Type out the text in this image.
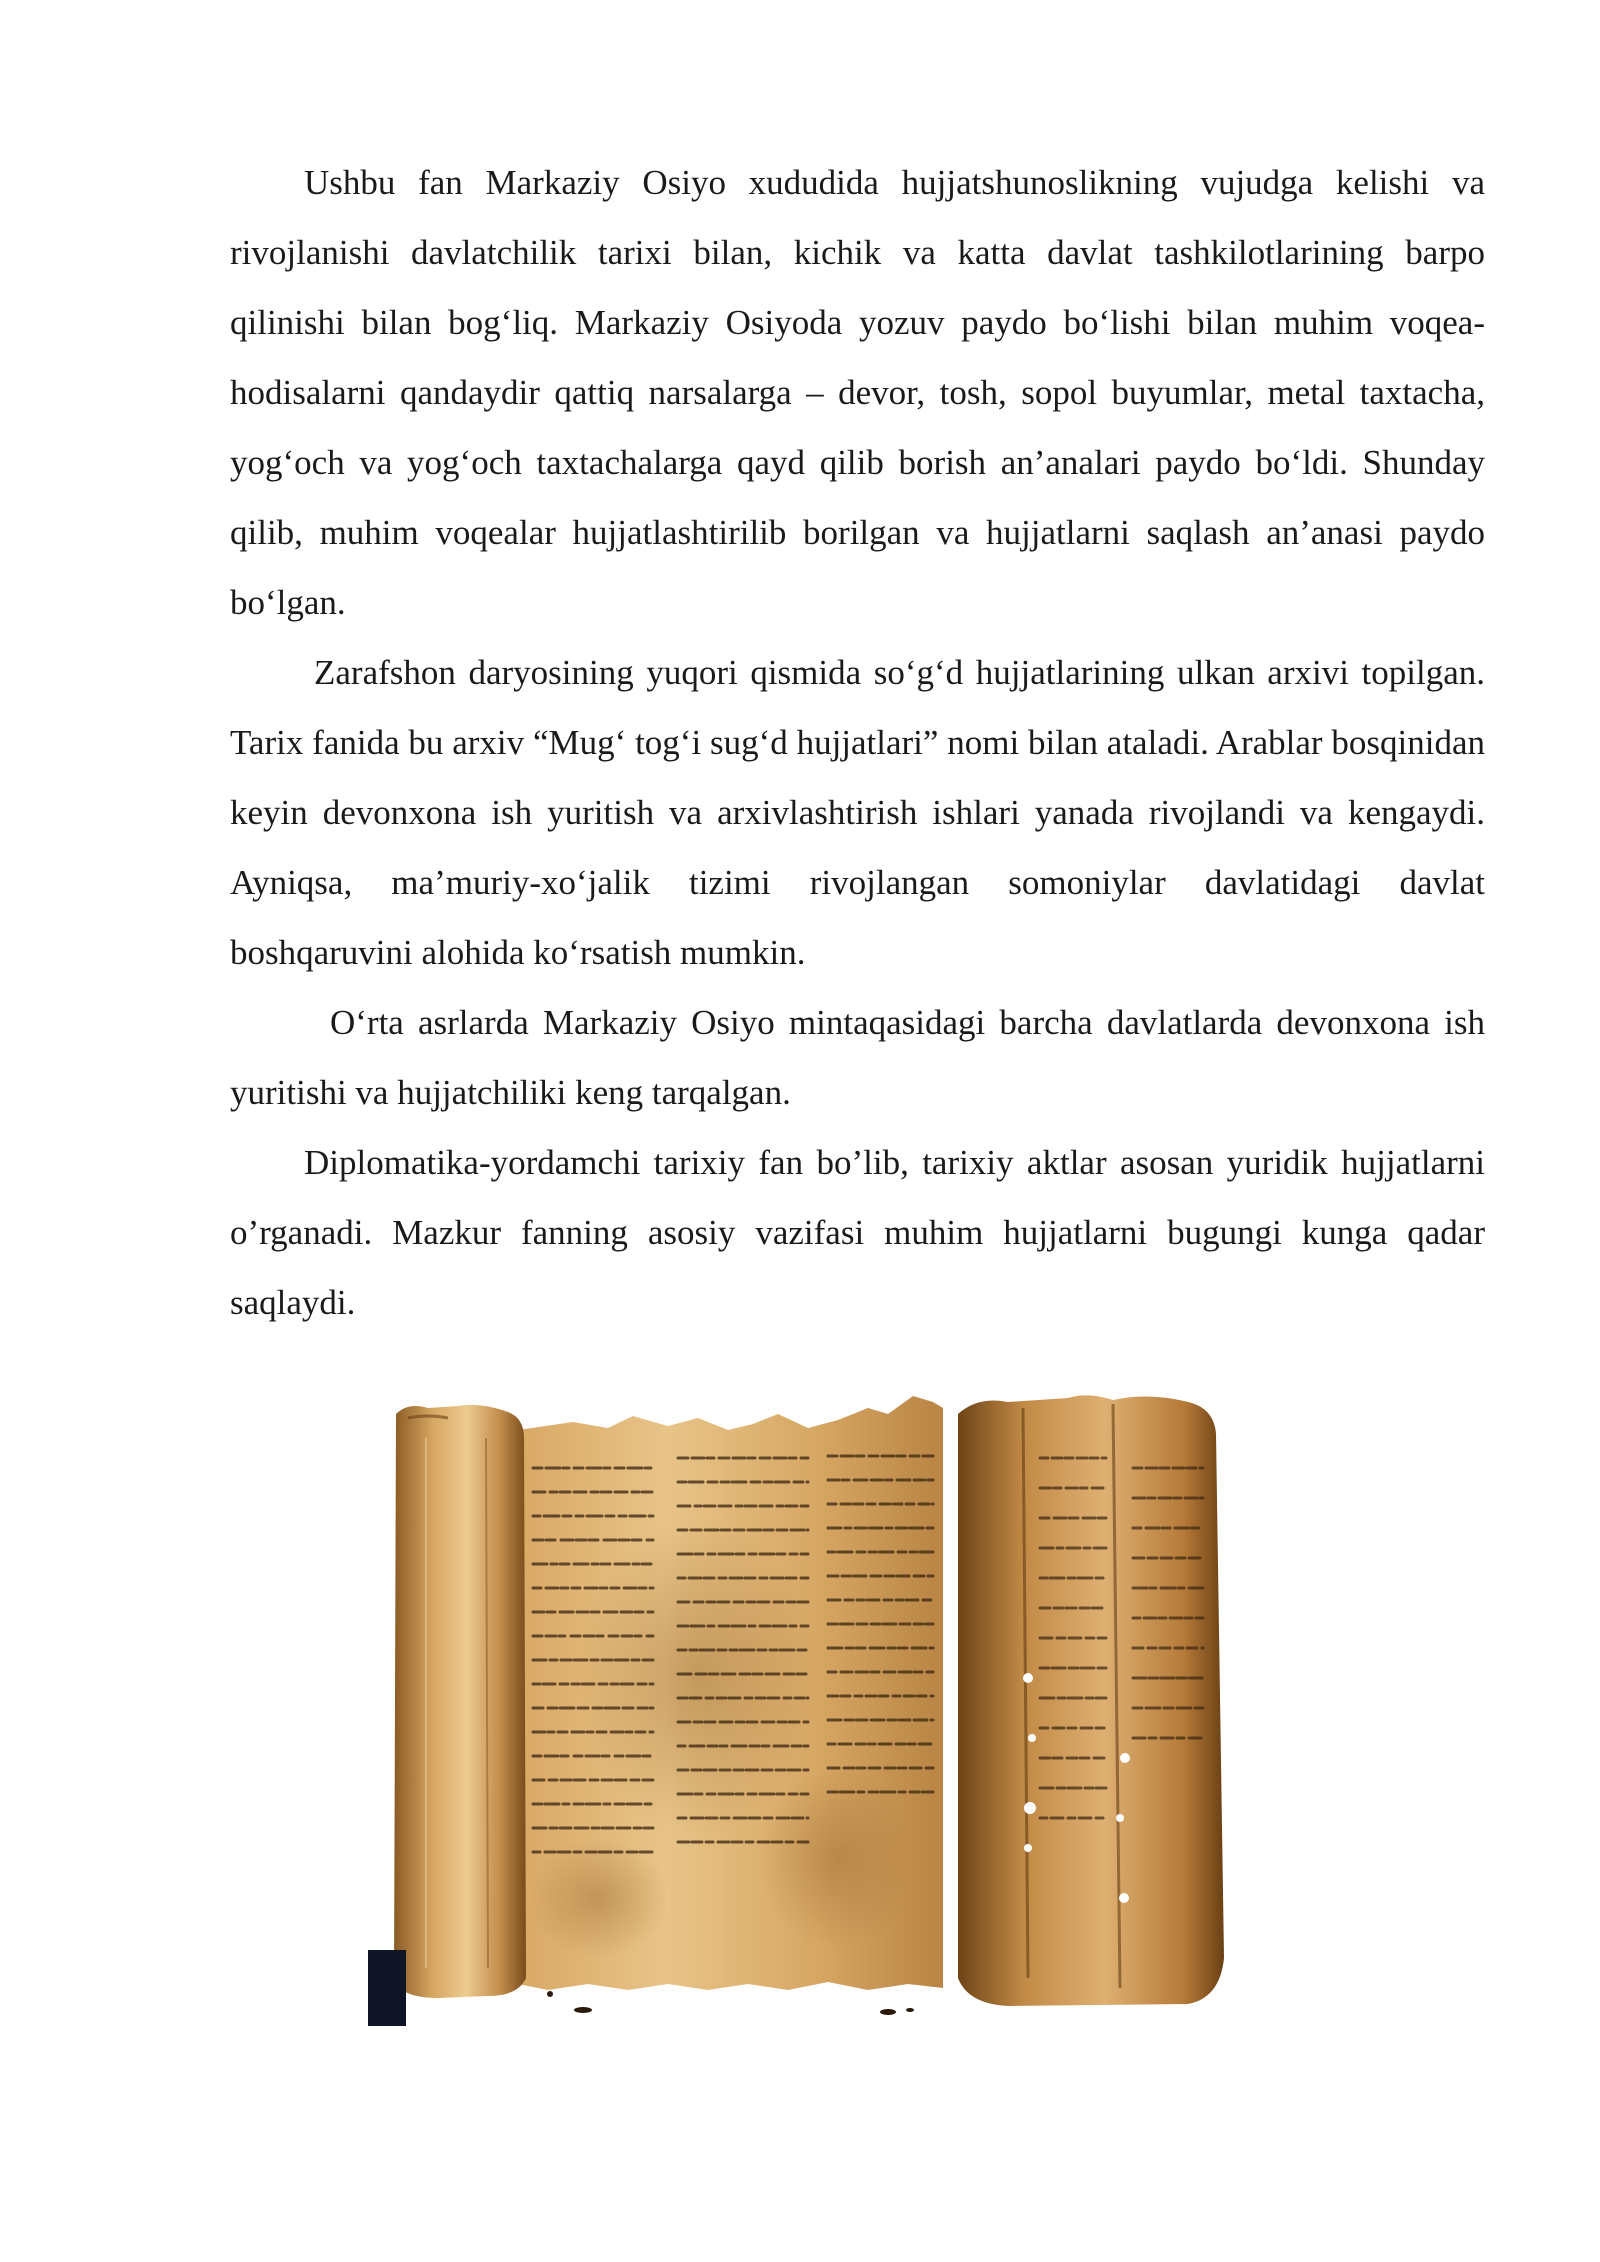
Ushbu fan Markaziy Osiyo xududida hujjatshunoslikning vujudga kelishi va rivojlanishi davlatchilik tarixi bilan, kichik va katta davlat tashkilotlarining barpo qilinishi bilan bog‘liq. Markaziy Osiyoda yozuv paydo bo‘lishi bilan muhim voqea-hodisalarni qandaydir qattiq narsalarga – devor, tosh, sopol buyumlar, metal taxtacha, yog‘och va yog‘och taxtachalarga qayd qilib borish an’analari paydo bo‘ldi. Shunday qilib, muhim voqealar hujjatlashtirilib borilgan va hujjatlarni saqlash an’anasi paydo bo‘lgan.

Zarafshon daryosining yuqori qismida so‘g‘d hujjatlarining ulkan arxivi topilgan. Tarix fanida bu arxiv “Mug‘ tog‘i sug‘d hujjatlari” nomi bilan ataladi. Arablar bosqinidan keyin devonxona ish yuritish va arxivlashtirish ishlari yanada rivojlandi va kengaydi. Ayniqsa, ma’muriy-xo‘jalik tizimi rivojlangan somoniylar davlatidagi davlat boshqaruvini alohida ko‘rsatish mumkin.

O‘rta asrlarda Markaziy Osiyo mintaqasidagi barcha davlatlarda devonxona ish yuritishi va hujjatchiliki keng tarqalgan.

Diplomatika-yordamchi tarixiy fan bo’lib, tarixiy aktlar asosan yuridik hujjatlarni o’rganadi. Mazkur fanning asosiy vazifasi muhim hujjatlarni bugungi kunga qadar saqlaydi.
